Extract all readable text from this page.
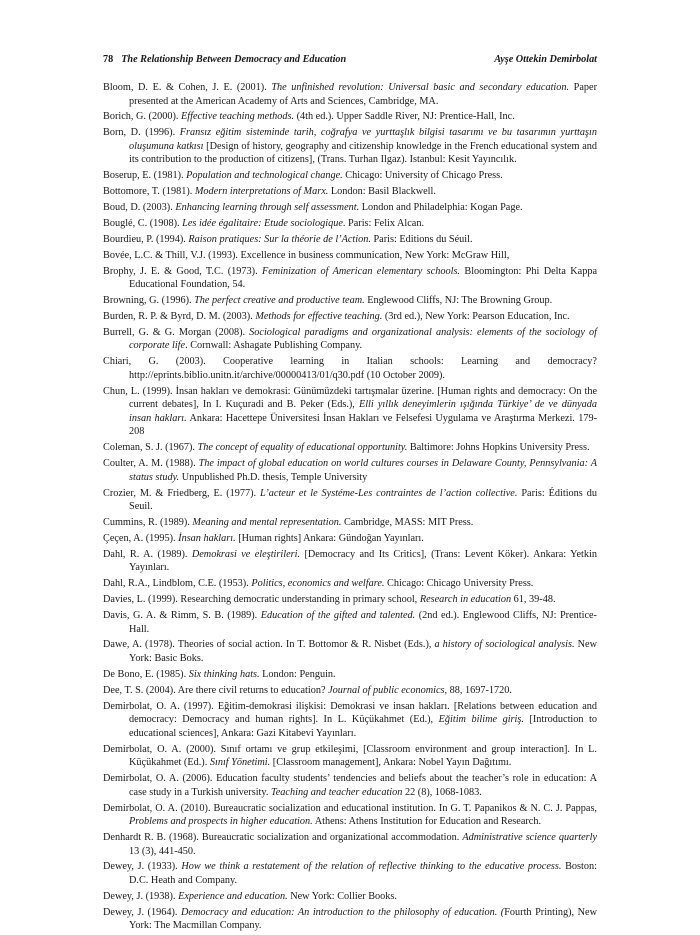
78 The Relationship Between Democracy and Education	Ayşe Ottekin Demirbolat

Bloom, D. E. & Cohen, J. E. (2001). The unfinished revolution: Universal basic and secondary education. Paper presented at the American Academy of Arts and Sciences, Cambridge, MA.

Borich, G. (2000). Effective teaching methods. (4th ed.). Upper Saddle River, NJ: Prentice-Hall, Inc.

Born, D. (1996). Fransız eğitim sisteminde tarih, coğrafya ve yurttaşlık bilgisi tasarımı ve bu tasarımın yurttaşın oluşumuna katkısı [Design of history, geography and citizenship knowledge in the French educational system and its contribution to the production of citizens], (Trans. Turhan Ilgaz). Istanbul: Kesit Yayıncılık.

Boserup, E. (1981). Population and technological change. Chicago: University of Chicago Press.

Bottomore, T. (1981). Modern interpretations of Marx. London: Basil Blackwell.

Boud, D. (2003). Enhancing learning through self assessment. London and Philadelphia: Kogan Page.

Bouglé, C. (1908). Les idée égalitaire: Etude sociologique. Paris: Felix Alcan.

Bourdieu, P. (1994). Raison pratiques: Sur la théorie de l’Action. Paris: Editions du Séuil.

Bovée, L.C. & Thill, V.J. (1993). Excellence in business communication, New York: McGraw Hill,

Brophy, J. E. & Good, T.C. (1973). Feminization of American elementary schools. Bloomington: Phi Delta Kappa Educational Foundation, 54.

Browning, G. (1996). The perfect creative and productive team. Englewood Cliffs, NJ: The Browning Group.

Burden, R. P. & Byrd, D. M. (2003). Methods for effective teaching. (3rd ed.), New York: Pearson Education, Inc.

Burrell, G. & G. Morgan (2008). Sociological paradigms and organizational analysis: elements of the sociology of corporate life. Cornwall: Ashagate Publishing Company.

Chiari, G. (2003). Cooperative learning in Italian schools: Learning and democracy? http://eprints.biblio.unitn.it/archive/00000413/01/q30.pdf (10 October 2009).

Chun, L. (1999). İnsan hakları ve demokrasi: Günümüzdeki tartışmalar üzerine. [Human rights and democracy: On the current debates], In I. Kuçuradi and B. Peker (Eds.), Elli yıllık deneyimlerin ışığında Türkiye’ de ve dünyada insan hakları. Ankara: Hacettepe Üniversitesi İnsan Hakları ve Felsefesi Uygulama ve Araştırma Merkezi. 179-208

Coleman, S. J. (1967). The concept of equality of educational opportunity. Baltimore: Johns Hopkins University Press.

Coulter, A. M. (1988). The impact of global education on world cultures courses in Delaware County, Pennsylvania: A status study. Unpublished Ph.D. thesis, Temple University

Crozier, M. & Friedberg, E. (1977). L’acteur et le Systéme-Les contraintes de l’action collective. Paris: Éditions du Seuil.

Cummins, R. (1989). Meaning and mental representation. Cambridge, MASS: MIT Press.

Çeçen, A. (1995). İnsan hakları. [Human rights] Ankara: Gündoğan Yayınları.

Dahl, R. A. (1989). Demokrasi ve eleştirileri. [Democracy and Its Critics], (Trans: Levent Köker). Ankara: Yetkin Yayınları.

Dahl, R.A., Lindblom, C.E. (1953). Politics, economics and welfare. Chicago: Chicago University Press.

Davies, L. (1999). Researching democratic understanding in primary school, Research in education 61, 39-48.

Davis, G. A. & Rimm, S. B. (1989). Education of the gifted and talented. (2nd ed.). Englewood Cliffs, NJ: Prentice-Hall.

Dawe, A. (1978). Theories of social action. In T. Bottomor & R. Nisbet (Eds.), a history of sociological analysis. New York: Basic Boks.

De Bono, E. (1985). Six thinking hats. London: Penguin.

Dee, T. S. (2004). Are there civil returns to education? Journal of public economics, 88, 1697-1720.

Demirbolat, O. A. (1997). Eğitim-demokrasi ilişkisi: Demokrasi ve insan hakları. [Relations between education and democracy: Democracy and human rights]. In L. Küçükahmet (Ed.), Eğitim bilime giriş. [Introduction to educational sciences], Ankara: Gazi Kitabevi Yayınları.

Demirbolat, O. A. (2000). Sınıf ortamı ve grup etkileşimi, [Classroom environment and group interaction]. In L. Küçükahmet (Ed.). Sınıf Yönetimi. [Classroom management], Ankara: Nobel Yayın Dağıtımı.

Demirbolat, O. A. (2006). Education faculty students’ tendencies and beliefs about the teacher’s role in education: A case study in a Turkish university. Teaching and teacher education 22 (8), 1068-1083.

Demirbolat, O. A. (2010). Bureaucratic socialization and educational institution. In G. T. Papanikos & N. C. J. Pappas, Problems and prospects in higher education. Athens: Athens Institution for Education and Research.

Denhardt R. B. (1968). Bureaucratic socialization and organizational accommodation. Administrative science quarterly 13 (3), 441-450.

Dewey, J. (1933). How we think a restatement of the relation of reflective thinking to the educative process. Boston: D.C. Heath and Company.

Dewey, J. (1938). Experience and education. New York: Collier Books.

Dewey, J. (1964). Democracy and education: An introduction to the philosophy of education. (Fourth Printing), New York: The Macmillan Company.
